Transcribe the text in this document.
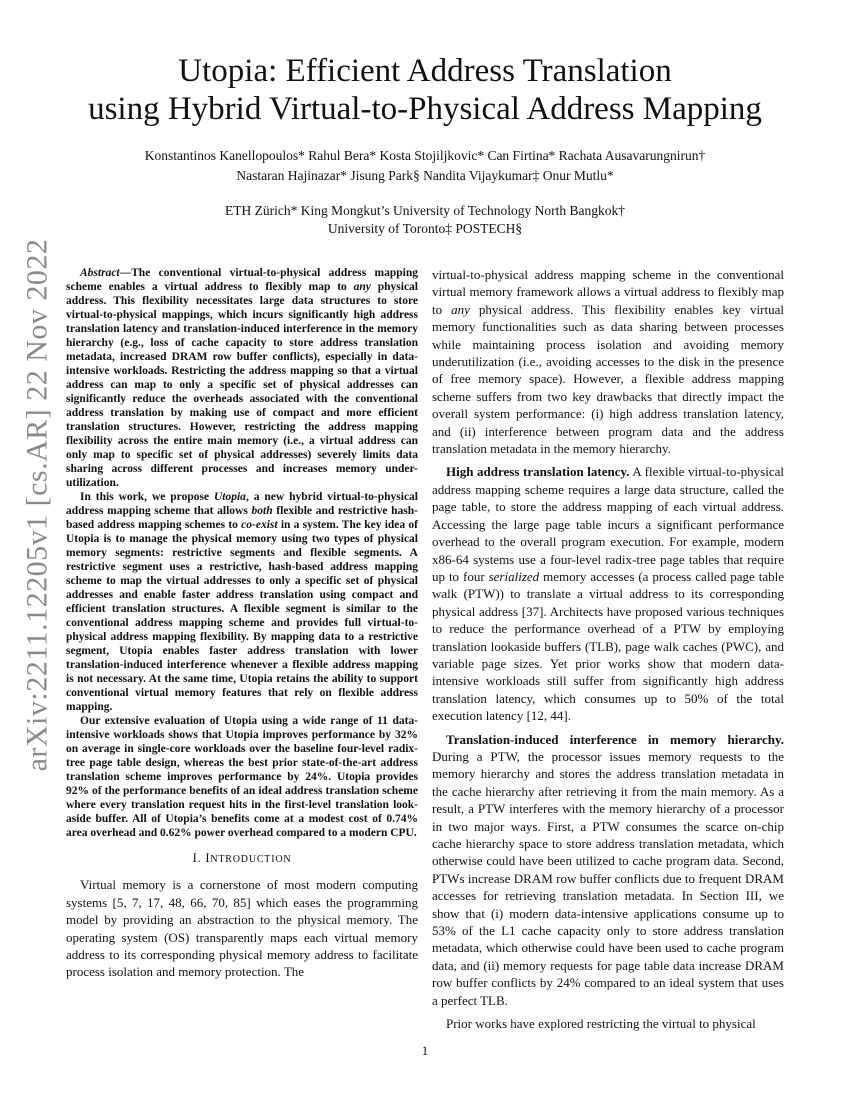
arXiv:2211.12205v1 [cs.AR] 22 Nov 2022
Utopia: Efficient Address Translation
using Hybrid Virtual-to-Physical Address Mapping
Konstantinos Kanellopoulos* Rahul Bera* Kosta Stojiljkovic* Can Firtina* Rachata Ausavarungnirun†
Nastaran Hajinazar* Jisung Park§ Nandita Vijaykumar‡ Onur Mutlu*
ETH Zürich* King Mongkut’s University of Technology North Bangkok†
University of Toronto‡ POSTECH§

Abstract—The conventional virtual-to-physical address mapping scheme enables a virtual address to flexibly map to any physical address. This flexibility necessitates large data structures to store virtual-to-physical mappings, which incurs significantly high address translation latency and translation-induced interference in the memory hierarchy (e.g., loss of cache capacity to store address translation metadata, increased DRAM row buffer conflicts), especially in data-intensive workloads. Restricting the address mapping so that a virtual address can map to only a specific set of physical addresses can significantly reduce the overheads associated with the conventional address translation by making use of compact and more efficient translation structures. However, restricting the address mapping flexibility across the entire main memory (i.e., a virtual address can only map to specific set of physical addresses) severely limits data sharing across different processes and increases memory under-utilization.

In this work, we propose Utopia, a new hybrid virtual-to-physical address mapping scheme that allows both flexible and restrictive hash-based address mapping schemes to co-exist in a system. The key idea of Utopia is to manage the physical memory using two types of physical memory segments: restrictive segments and flexible segments. A restrictive segment uses a restrictive, hash-based address mapping scheme to map the virtual addresses to only a specific set of physical addresses and enable faster address translation using compact and efficient translation structures. A flexible segment is similar to the conventional address mapping scheme and provides full virtual-to-physical address mapping flexibility. By mapping data to a restrictive segment, Utopia enables faster address translation with lower translation-induced interference whenever a flexible address mapping is not necessary. At the same time, Utopia retains the ability to support conventional virtual memory features that rely on flexible address mapping.

Our extensive evaluation of Utopia using a wide range of 11 data-intensive workloads shows that Utopia improves performance by 32% on average in single-core workloads over the baseline four-level radix-tree page table design, whereas the best prior state-of-the-art address translation scheme improves performance by 24%. Utopia provides 92% of the performance benefits of an ideal address translation scheme where every translation request hits in the first-level translation look-aside buffer. All of Utopia’s benefits come at a modest cost of 0.74% area overhead and 0.62% power overhead compared to a modern CPU.

I. INTRODUCTION

Virtual memory is a cornerstone of most modern computing systems [5, 7, 17, 48, 66, 70, 85] which eases the programming model by providing an abstraction to the physical memory. The operating system (OS) transparently maps each virtual memory address to its corresponding physical memory address to facilitate process isolation and memory protection. The

virtual-to-physical address mapping scheme in the conventional virtual memory framework allows a virtual address to flexibly map to any physical address. This flexibility enables key virtual memory functionalities such as data sharing between processes while maintaining process isolation and avoiding memory underutilization (i.e., avoiding accesses to the disk in the presence of free memory space). However, a flexible address mapping scheme suffers from two key drawbacks that directly impact the overall system performance: (i) high address translation latency, and (ii) interference between program data and the address translation metadata in the memory hierarchy.

High address translation latency. A flexible virtual-to-physical address mapping scheme requires a large data structure, called the page table, to store the address mapping of each virtual address. Accessing the large page table incurs a significant performance overhead to the overall program execution. For example, modern x86-64 systems use a four-level radix-tree page tables that require up to four serialized memory accesses (a process called page table walk (PTW)) to translate a virtual address to its corresponding physical address [37]. Architects have proposed various techniques to reduce the performance overhead of a PTW by employing translation lookaside buffers (TLB), page walk caches (PWC), and variable page sizes. Yet prior works show that modern data-intensive workloads still suffer from significantly high address translation latency, which consumes up to 50% of the total execution latency [12, 44].

Translation-induced interference in memory hierarchy. During a PTW, the processor issues memory requests to the memory hierarchy and stores the address translation metadata in the cache hierarchy after retrieving it from the main memory. As a result, a PTW interferes with the memory hierarchy of a processor in two major ways. First, a PTW consumes the scarce on-chip cache hierarchy space to store address translation metadata, which otherwise could have been utilized to cache program data. Second, PTWs increase DRAM row buffer conflicts due to frequent DRAM accesses for retrieving translation metadata. In Section III, we show that (i) modern data-intensive applications consume up to 53% of the L1 cache capacity only to store address translation metadata, which otherwise could have been used to cache program data, and (ii) memory requests for page table data increase DRAM row buffer conflicts by 24% compared to an ideal system that uses a perfect TLB.

Prior works have explored restricting the virtual to physical

1
